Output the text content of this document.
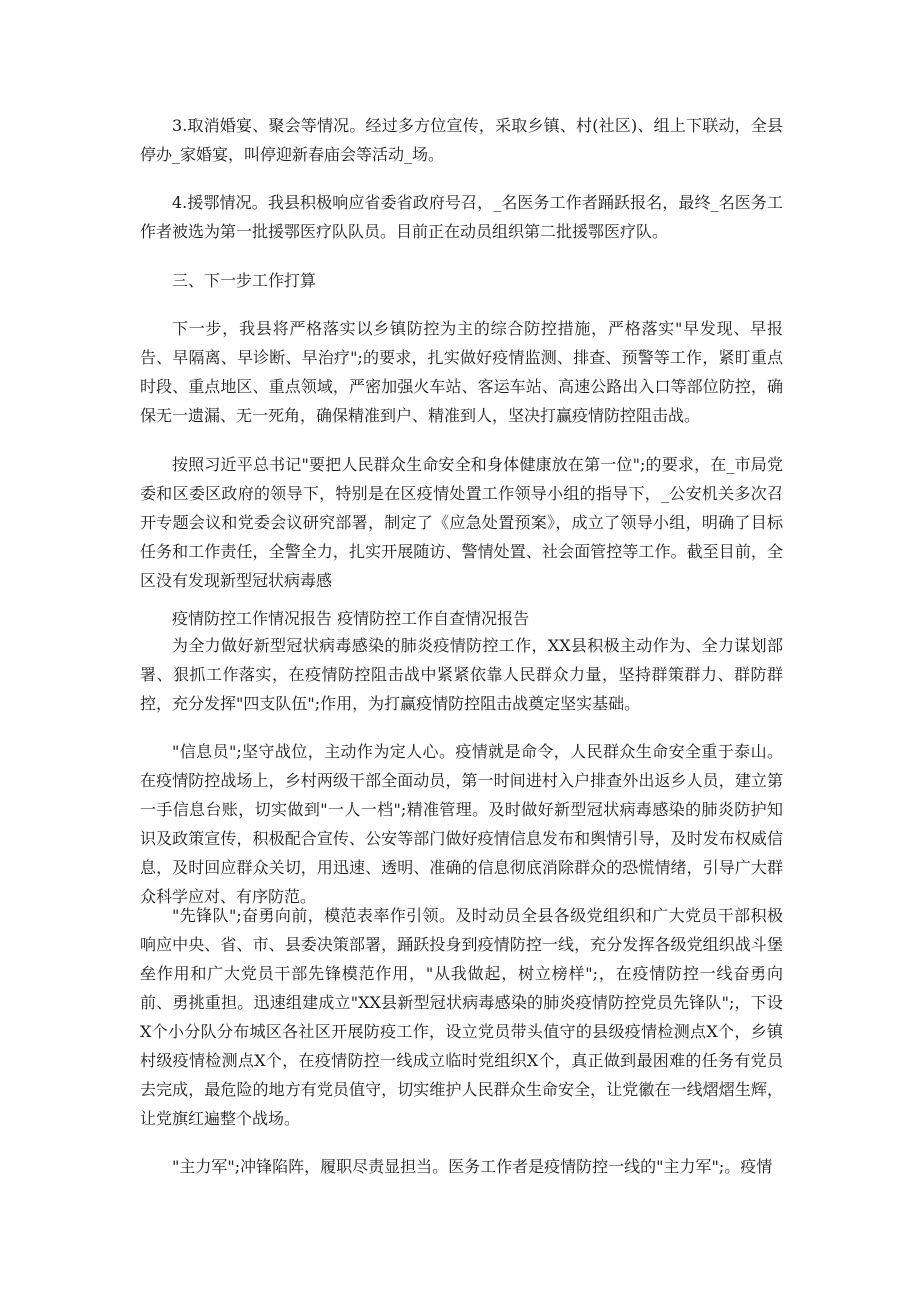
3.取消婚宴、聚会等情况。经过多方位宣传，采取乡镇、村(社区)、组上下联动，全县停办_家婚宴，叫停迎新春庙会等活动_场。

4.援鄂情况。我县积极响应省委省政府号召，_名医务工作者踊跃报名，最终_名医务工作者被选为第一批援鄂医疗队队员。目前正在动员组织第二批援鄂医疗队。

三、下一步工作打算

下一步，我县将严格落实以乡镇防控为主的综合防控措施，严格落实"早发现、早报告、早隔离、早诊断、早治疗";的要求，扎实做好疫情监测、排查、预警等工作，紧盯重点时段、重点地区、重点领域，严密加强火车站、客运车站、高速公路出入口等部位防控，确保无一遗漏、无一死角，确保精准到户、精准到人，坚决打赢疫情防控阻击战。

按照习近平总书记"要把人民群众生命安全和身体健康放在第一位";的要求，在_市局党委和区委区政府的领导下，特别是在区疫情处置工作领导小组的指导下，_公安机关多次召开专题会议和党委会议研究部署，制定了《应急处置预案》，成立了领导小组，明确了目标任务和工作责任，全警全力，扎实开展随访、警情处置、社会面管控等工作。截至目前，全区没有发现新型冠状病毒感

疫情防控工作情况报告 疫情防控工作自查情况报告

为全力做好新型冠状病毒感染的肺炎疫情防控工作，XX县积极主动作为、全力谋划部署、狠抓工作落实，在疫情防控阻击战中紧紧依靠人民群众力量，坚持群策群力、群防群控，充分发挥"四支队伍";作用，为打赢疫情防控阻击战奠定坚实基础。

"信息员";坚守战位，主动作为定人心。疫情就是命令，人民群众生命安全重于泰山。在疫情防控战场上，乡村两级干部全面动员，第一时间进村入户排查外出返乡人员，建立第一手信息台账，切实做到"一人一档";精准管理。及时做好新型冠状病毒感染的肺炎防护知识及政策宣传，积极配合宣传、公安等部门做好疫情信息发布和舆情引导，及时发布权威信息，及时回应群众关切，用迅速、透明、准确的信息彻底消除群众的恐慌情绪，引导广大群众科学应对、有序防范。

"先锋队";奋勇向前，模范表率作引领。及时动员全县各级党组织和广大党员干部积极响应中央、省、市、县委决策部署，踊跃投身到疫情防控一线，充分发挥各级党组织战斗堡垒作用和广大党员干部先锋模范作用，"从我做起，树立榜样";，在疫情防控一线奋勇向前、勇挑重担。迅速组建成立"XX县新型冠状病毒感染的肺炎疫情防控党员先锋队";，下设X个小分队分布城区各社区开展防疫工作，设立党员带头值守的县级疫情检测点X个，乡镇村级疫情检测点X个，在疫情防控一线成立临时党组织X个，真正做到最困难的任务有党员去完成，最危险的地方有党员值守，切实维护人民群众生命安全，让党徽在一线熠熠生辉，让党旗红遍整个战场。

"主力军";冲锋陷阵，履职尽责显担当。医务工作者是疫情防控一线的"主力军";。疫情
